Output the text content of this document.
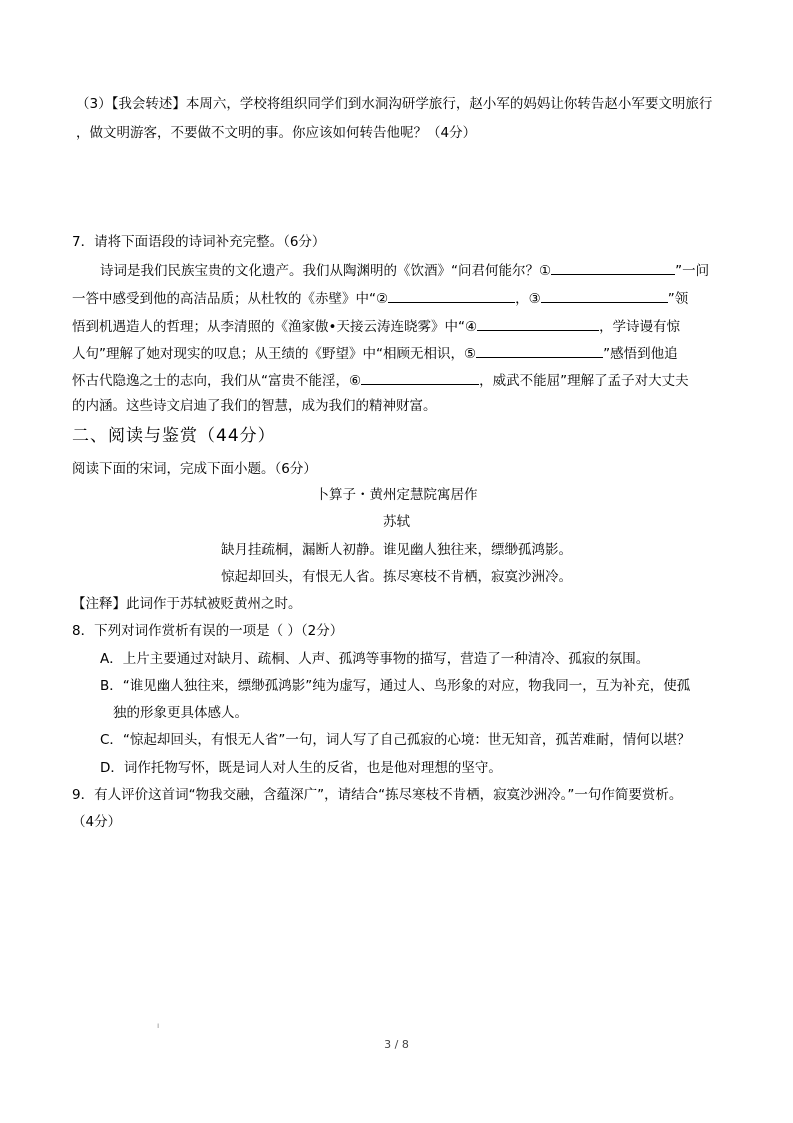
（3）【我会转述】本周六，学校将组织同学们到水洞沟研学旅行，赵小军的妈妈让你转告赵小军要文明旅行
，做文明游客，不要做不文明的事。你应该如何转告他呢？（4分）
7．请将下面语段的诗词补充完整。（6分）
诗词是我们民族宝贵的文化遗产。我们从陶渊明的《饮酒》“问君何能尔？①	”一问
一答中感受到他的高洁品质；从杜牧的《赤壁》中“②	，③	”领
悟到机遇造人的哲理；从李清照的《渔家傲•天接云涛连晓雾》中“④	，学诗谩有惊
人句”理解了她对现实的叹息；从王绩的《野望》中“相顾无相识，⑤	”感悟到他追
怀古代隐逸之士的志向，我们从“富贵不能淫，⑥	，威武不能屈”理解了孟子对大丈夫
的内涵。这些诗文启迪了我们的智慧，成为我们的精神财富。
二、阅读与鉴赏（44分）
阅读下面的宋词，完成下面小题。（6分）
卜算子・黄州定慧院寓居作
苏轼
缺月挂疏桐，漏断人初静。谁见幽人独往来，缥缈孤鸿影。
惊起却回头，有恨无人省。拣尽寒枝不肯栖，寂寞沙洲冷。
【注释】此词作于苏轼被贬黄州之时。
8．下列对词作赏析有误的一项是（ ）（2分）
A．上片主要通过对缺月、疏桐、人声、孤鸿等事物的描写，营造了一种清冷、孤寂的氛围。
B．“谁见幽人独往来，缥缈孤鸿影”纯为虚写，通过人、鸟形象的对应，物我同一，互为补充，使孤
独的形象更具体感人。
C．“惊起却回头，有恨无人省”一句，词人写了自己孤寂的心境：世无知音，孤苦难耐，情何以堪？
D．词作托物写怀，既是词人对人生的反省，也是他对理想的坚守。
9．有人评价这首词“物我交融，含蕴深广”，请结合“拣尽寒枝不肯栖，寂寞沙洲冷。”一句作简要赏析。
（4分）
ı
3 / 8
